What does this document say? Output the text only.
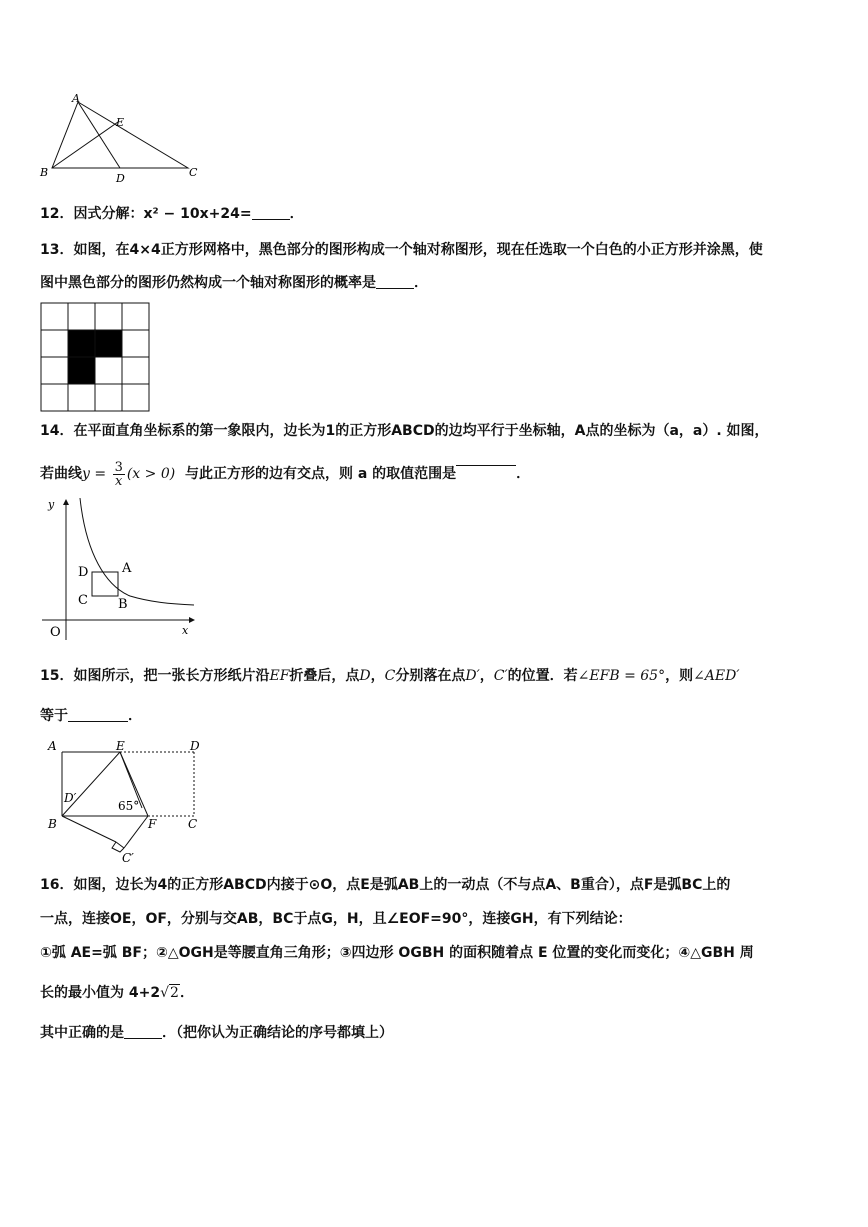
A
E
B	D	C
12．因式分解：x² − 10x+24=	．
13．如图，在4×4正方形网格中，黑色部分的图形构成一个轴对称图形，现在任选取一个白色的小正方形并涂黑，使
图中黑色部分的图形仍然构成一个轴对称图形的概率是	．
14．在平面直角坐标系的第一象限内，边长为1的正方形ABCD的边均平行于坐标轴，A点的坐标为（a，a）. 如图，
若曲线$y = \frac{3}{x} (x > 0)$ 与此正方形的边有交点，则 a 的取值范围是	．
y
x
O
D	A
C B
15．如图所示，把一张长方形纸片沿EF折叠后，点D，C分别落在点D′，C′的位置．若∠EFB = 65°，则∠AED′
等于	．
A	E	D
D′
65°
B	F	C
C′
16．如图，边长为4的正方形ABCD内接于⊙O，点E是弧AB上的一动点（不与点A、B重合），点F是弧BC上的
一点，连接OE，OF，分别与交AB，BC于点G，H，且∠EOF=90°，连接GH，有下列结论：
①弧 AE=弧 BF；②△OGH是等腰直角三角形；③四边形 OGBH 的面积随着点 E 位置的变化而变化；④△GBH 周
长的最小值为 4+2√2．
其中正确的是	．（把你认为正确结论的序号都填上）
